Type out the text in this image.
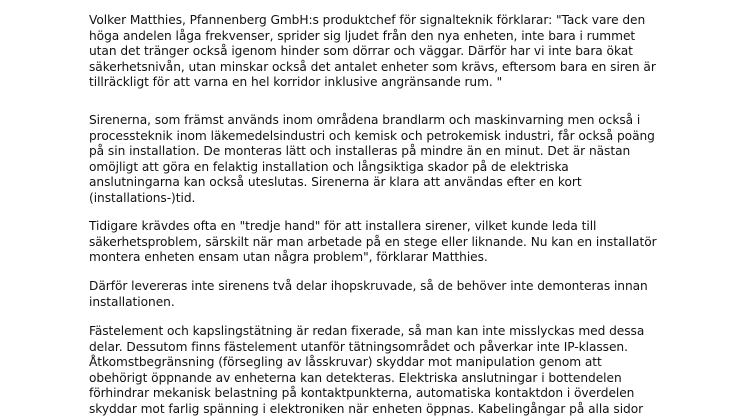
Volker Matthies, Pfannenberg GmbH:s produktchef för signalteknik förklarar: "Tack vare den
höga andelen låga frekvenser, sprider sig ljudet från den nya enheten, inte bara i rummet
utan det tränger också igenom hinder som dörrar och väggar. Därför har vi inte bara ökat
säkerhetsnivån, utan minskar också det antalet enheter som krävs, eftersom bara en siren är
tillräckligt för att varna en hel korridor inklusive angränsande rum. "

Sirenerna, som främst används inom områdena brandlarm och maskinvarning men också i
processteknik inom läkemedelsindustri och kemisk och petrokemisk industri, får också poäng
på sin installation. De monteras lätt och installeras på mindre än en minut. Det är nästan
omöjligt att göra en felaktig installation och långsiktiga skador på de elektriska
anslutningarna kan också uteslutas. Sirenerna är klara att användas efter en kort
(installations-)tid.

Tidigare krävdes ofta en "tredje hand" för att installera sirener, vilket kunde leda till
säkerhetsproblem, särskilt när man arbetade på en stege eller liknande. Nu kan en installatör
montera enheten ensam utan några problem", förklarar Matthies.

Därför levereras inte sirenens två delar ihopskruvade, så de behöver inte demonteras innan
installationen.

Fästelement och kapslingstätning är redan fixerade, så man kan inte misslyckas med dessa
delar. Dessutom finns fästelement utanför tätningsområdet och påverkar inte IP-klassen.
Åtkomstbegränsning (försegling av låsskruvar) skyddar mot manipulation genom att
obehörigt öppnande av enheterna kan detekteras. Elektriska anslutningar i bottendelen
förhindrar mekanisk belastning på kontaktpunkterna, automatiska kontaktdon i överdelen
skyddar mot farlig spänning i elektroniken när enheten öppnas. Kabelingångar på alla sidor
